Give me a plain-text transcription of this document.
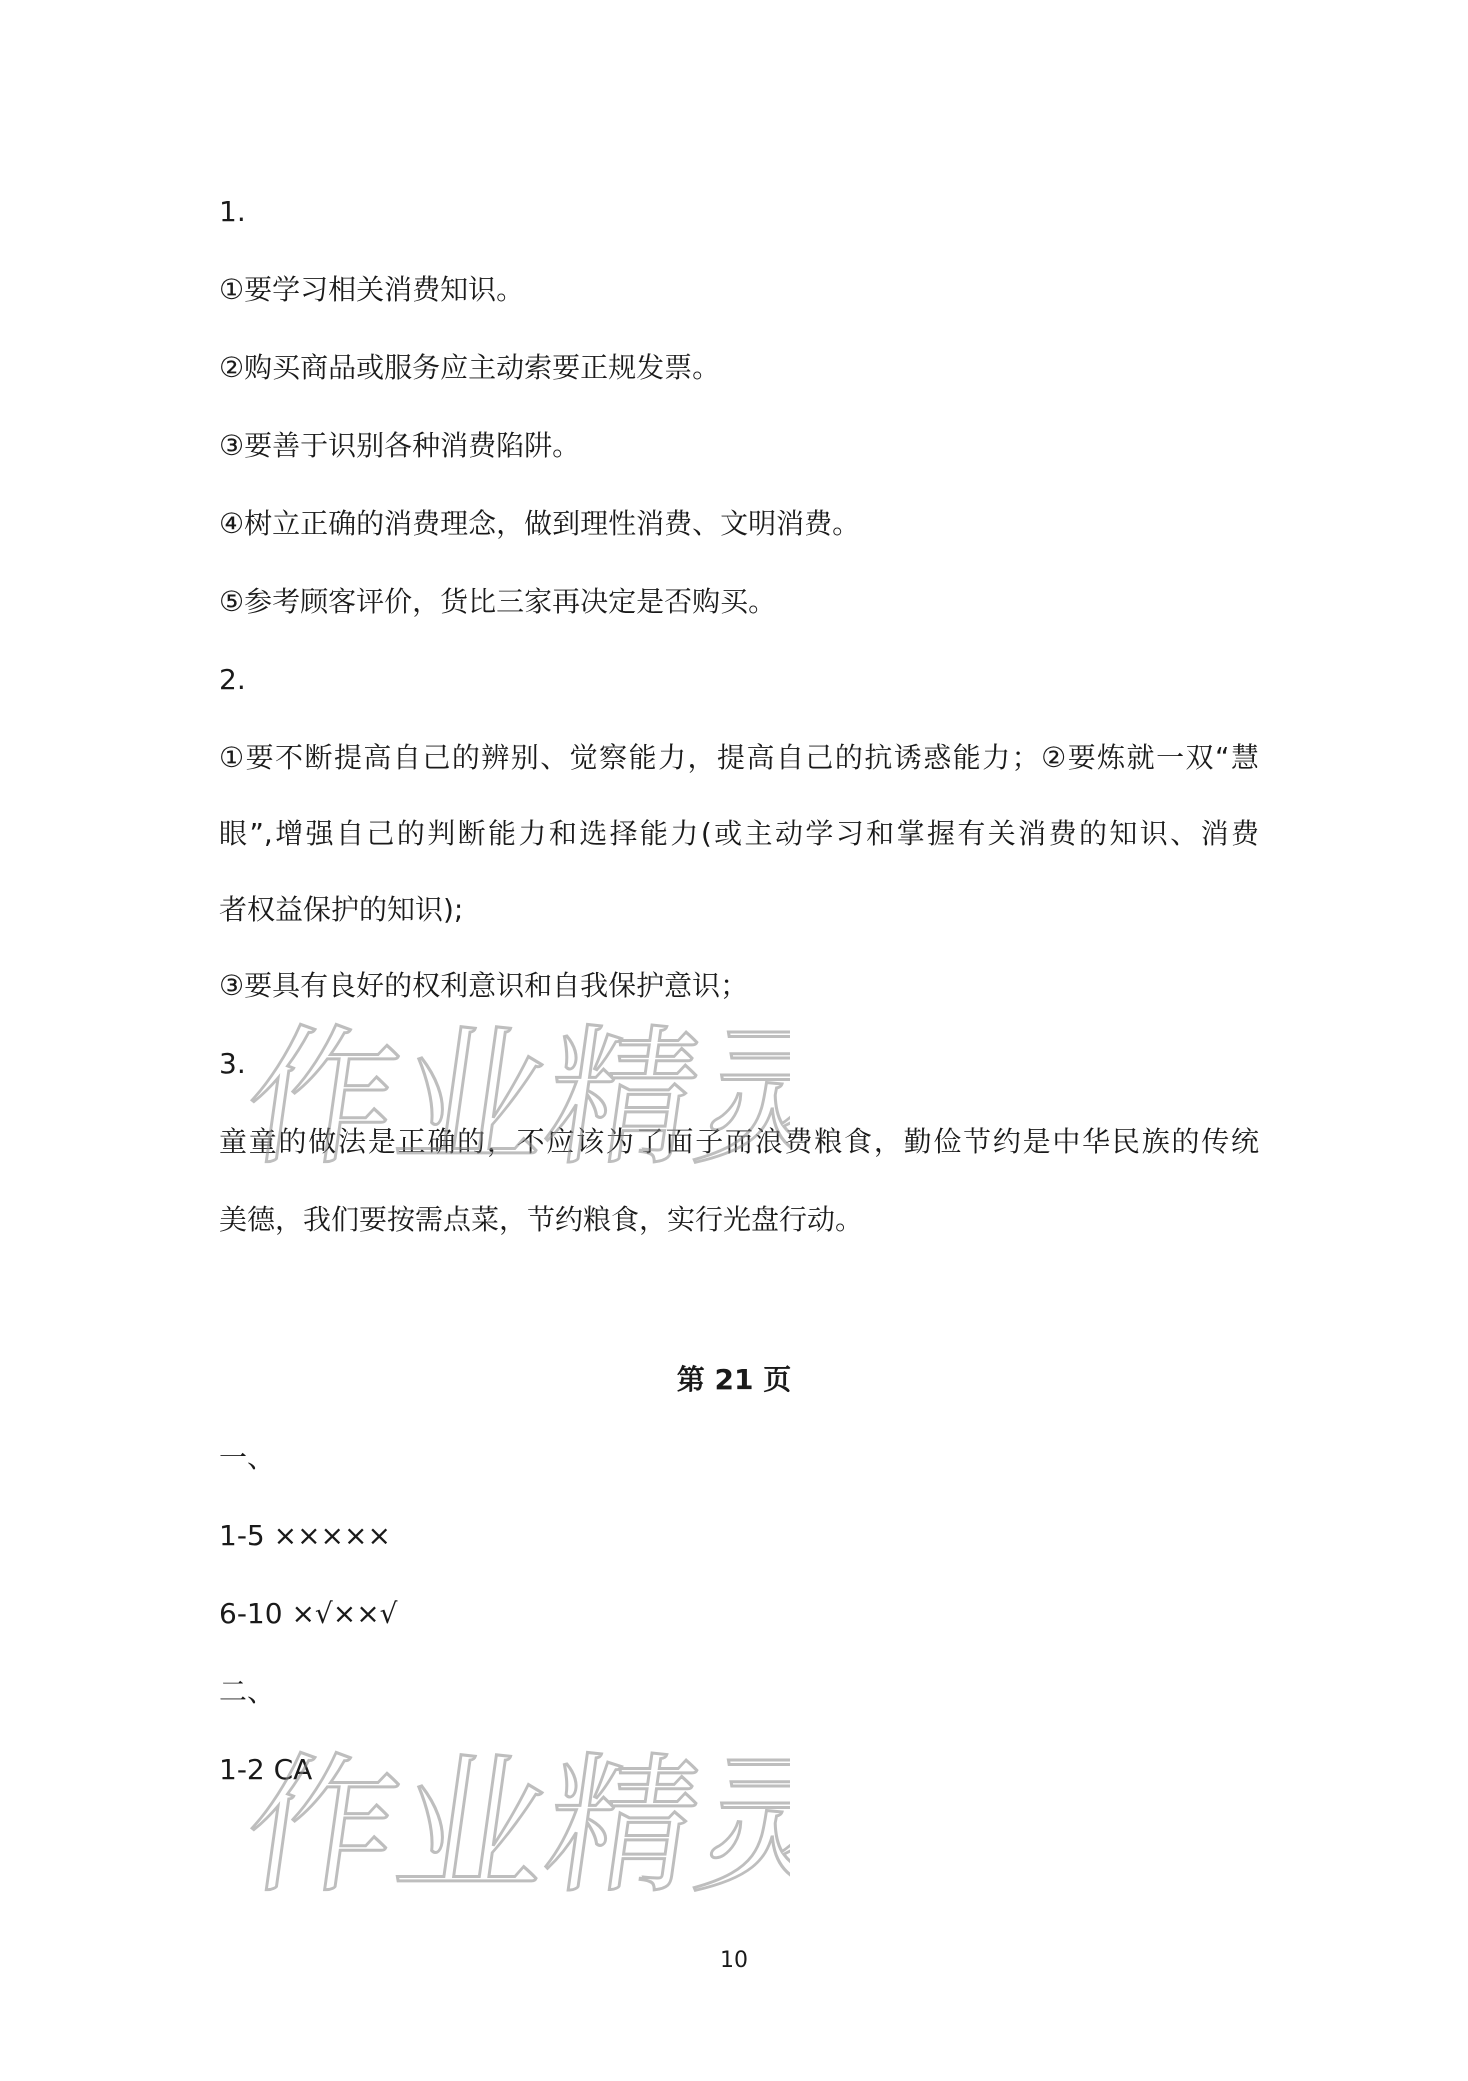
1.
①要学习相关消费知识。
②购买商品或服务应主动索要正规发票。
③要善于识别各种消费陷阱。
④树立正确的消费理念，做到理性消费、文明消费。
⑤参考顾客评价，货比三家再决定是否购买。
2.
①要不断提高自己的辨别、觉察能力，提高自己的抗诱惑能力；②要炼就一双“慧
眼”,增强自己的判断能力和选择能力(或主动学习和掌握有关消费的知识、消费
者权益保护的知识);
③要具有良好的权利意识和自我保护意识；
3.
童童的做法是正确的，不应该为了面子而浪费粮食，勤俭节约是中华民族的传统
美德，我们要按需点菜，节约粮食，实行光盘行动。
第 21 页
一、
1-5 ×××××
6-10 ×√××√
二、
1-2 CA
作业精灵
作业精灵
10
